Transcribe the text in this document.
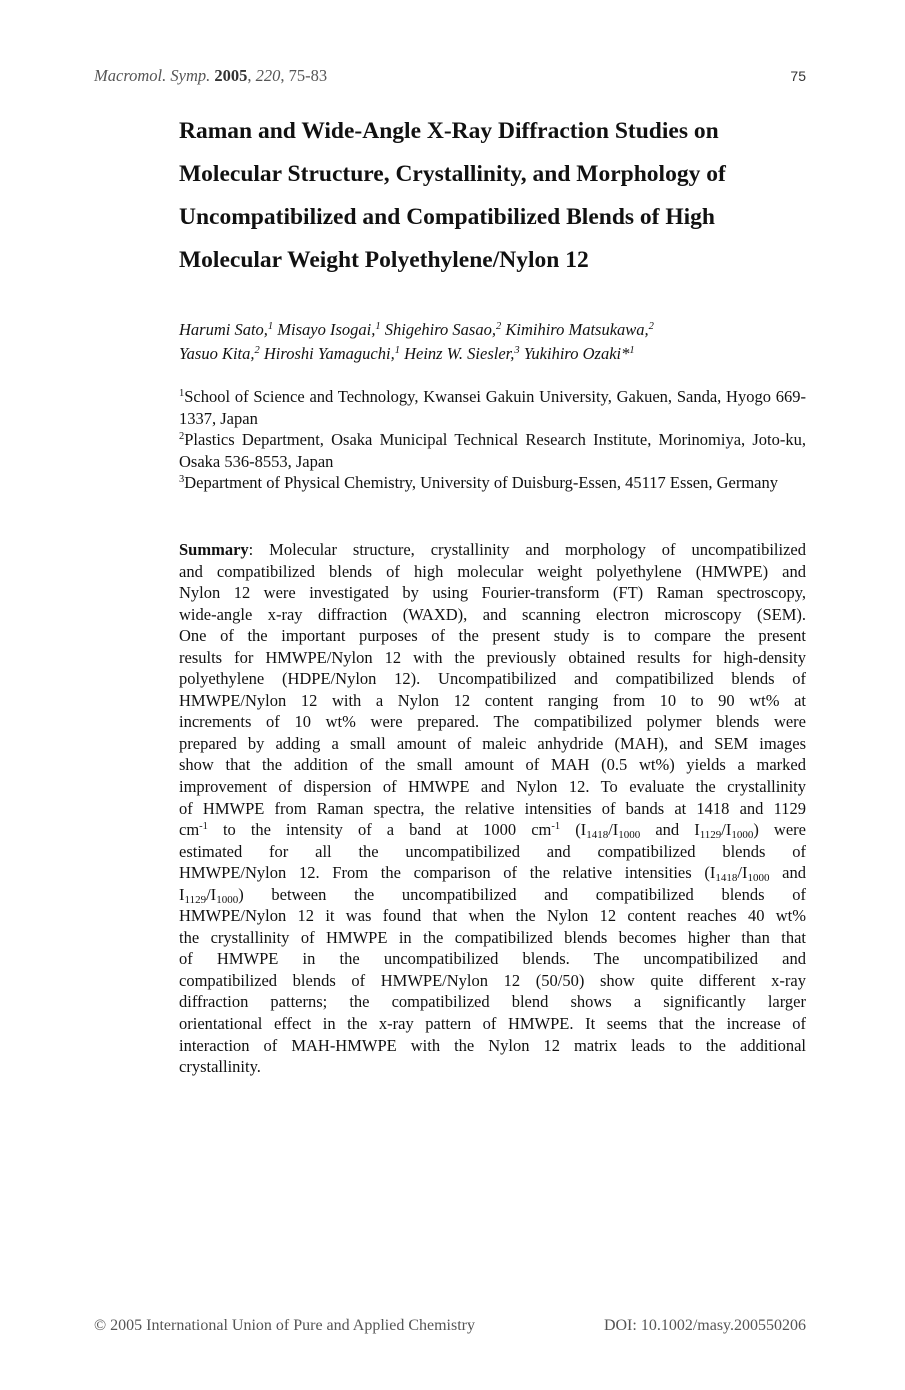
Macromol. Symp. 2005, 220, 75-83	75
Raman and Wide-Angle X-Ray Diffraction Studies on
Molecular Structure, Crystallinity, and Morphology of
Uncompatibilized and Compatibilized Blends of High
Molecular Weight Polyethylene/Nylon 12
Harumi Sato,$^1$ Misayo Isogai,$^1$ Shigehiro Sasao,$^2$ Kimihiro Matsukawa,$^2$
Yasuo Kita,$^2$ Hiroshi Yamaguchi,$^1$ Heinz W. Siesler,$^3$ Yukihiro Ozaki*$^1$
$^1$School of Science and Technology, Kwansei Gakuin University, Gakuen, Sanda, Hyogo 669-1337, Japan
$^2$Plastics Department, Osaka Municipal Technical Research Institute, Morinomiya, Joto-ku, Osaka 536-8553, Japan
$^3$Department of Physical Chemistry, University of Duisburg-Essen, 45117 Essen, Germany
Summary: Molecular structure, crystallinity and morphology of uncompatibilized
and compatibilized blends of high molecular weight polyethylene (HMWPE) and
Nylon 12 were investigated by using Fourier-transform (FT) Raman spectroscopy,
wide-angle x-ray diffraction (WAXD), and scanning electron microscopy (SEM).
One of the important purposes of the present study is to compare the present
results for HMWPE/Nylon 12 with the previously obtained results for high-density
polyethylene (HDPE/Nylon 12). Uncompatibilized and compatibilized blends of
HMWPE/Nylon 12 with a Nylon 12 content ranging from 10 to 90 wt% at
increments of 10 wt% were prepared. The compatibilized polymer blends were
prepared by adding a small amount of maleic anhydride (MAH), and SEM images
show that the addition of the small amount of MAH (0.5 wt%) yields a marked
improvement of dispersion of HMWPE and Nylon 12. To evaluate the crystallinity
of HMWPE from Raman spectra, the relative intensities of bands at 1418 and 1129
$cm^{-1}$ to the intensity of a band at 1000 $cm^{-1}$ ($I_{1418}/I_{1000}$ and $I_{1129}/I_{1000}$) were
estimated for all the uncompatibilized and compatibilized blends of
HMWPE/Nylon 12. From the comparison of the relative intensities ($I_{1418}/I_{1000}$ and
$I_{1129}/I_{1000}$) between the uncompatibilized and compatibilized blends of
HMWPE/Nylon 12 it was found that when the Nylon 12 content reaches 40 wt%
the crystallinity of HMWPE in the compatibilized blends becomes higher than that
of HMWPE in the uncompatibilized blends. The uncompatibilized and
compatibilized blends of HMWPE/Nylon 12 (50/50) show quite different x-ray
diffraction patterns; the compatibilized blend shows a significantly larger
orientational effect in the x-ray pattern of HMWPE. It seems that the increase of
interaction of MAH-HMWPE with the Nylon 12 matrix leads to the additional
crystallinity.
© 2005 International Union of Pure and Applied Chemistry	DOI: 10.1002/masy.200550206
